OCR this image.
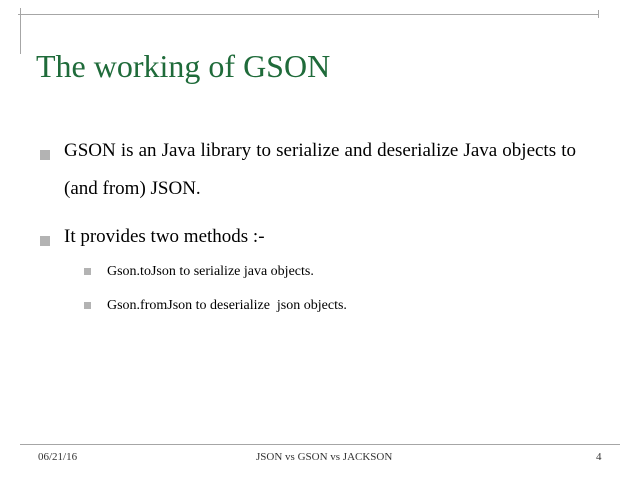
The working of GSON
GSON is an Java library to serialize and deserialize Java objects to (and from) JSON.
It provides two methods :-
Gson.toJson to serialize java objects.
Gson.fromJson to deserialize  json objects.
06/21/16	JSON vs GSON vs JACKSON	4
